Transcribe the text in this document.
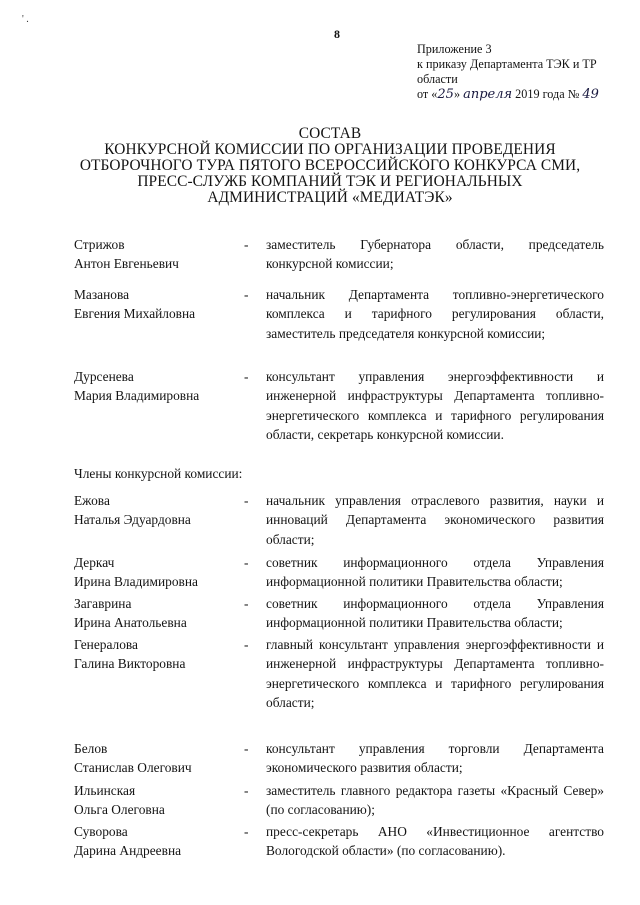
' .
8
Приложение 3
к приказу Департамента ТЭК и ТР
области
от «25» апреля 2019 года № 49
СОСТАВ
КОНКУРСНОЙ КОМИССИИ ПО ОРГАНИЗАЦИИ ПРОВЕДЕНИЯ
ОТБОРОЧНОГО ТУРА ПЯТОГО ВСЕРОССИЙСКОГО КОНКУРСА СМИ,
ПРЕСС-СЛУЖБ КОМПАНИЙ ТЭК И РЕГИОНАЛЬНЫХ
АДМИНИСТРАЦИЙ «МЕДИАТЭК»
Стрижов
Антон Евгеньевич
- заместитель Губернатора области, председатель конкурсной комиссии;
Мазанова
Евгения Михайловна
- начальник Департамента топливно-энергетического комплекса и тарифного регулирования области, заместитель председателя конкурсной комиссии;
Дурсенева
Мария Владимировна
- консультант управления энергоэффективности и инженерной инфраструктуры Департамента топливно-энергетического комплекса и тарифного регулирования области, секретарь конкурсной комиссии.
Члены конкурсной комиссии:
Ежова
Наталья Эдуардовна
- начальник управления отраслевого развития, науки и инноваций Департамента экономического развития области;
Деркач
Ирина Владимировна
- советник информационного отдела Управления информационной политики Правительства области;
Загаврина
Ирина Анатольевна
- советник информационного отдела Управления информационной политики Правительства области;
Генералова
Галина Викторовна
- главный консультант управления энергоэффективности и инженерной инфраструктуры Департамента топливно-энергетического комплекса и тарифного регулирования области;
Белов
Станислав Олегович
- консультант управления торговли Департамента экономического развития области;
Ильинская
Ольга Олеговна
- заместитель главного редактора газеты «Красный Север» (по согласованию);
Суворова
Дарина Андреевна
- пресс-секретарь АНО «Инвестиционное агентство Вологодской области» (по согласованию).
